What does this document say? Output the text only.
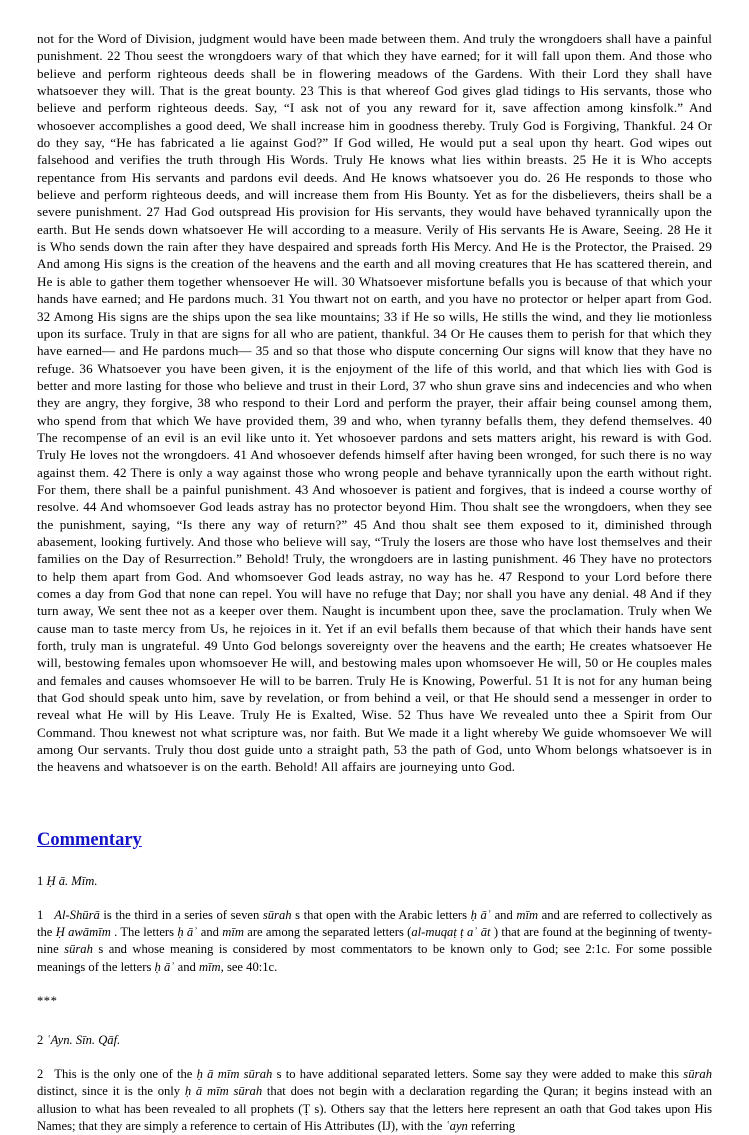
not for the Word of Division, judgment would have been made between them. And truly the wrongdoers shall have a painful punishment. 22 Thou seest the wrongdoers wary of that which they have earned; for it will fall upon them. And those who believe and perform righteous deeds shall be in flowering meadows of the Gardens. With their Lord they shall have whatsoever they will. That is the great bounty. 23 This is that whereof God gives glad tidings to His servants, those who believe and perform righteous deeds. Say, “I ask not of you any reward for it, save affection among kinsfolk.” And whosoever accomplishes a good deed, We shall increase him in goodness thereby. Truly God is Forgiving, Thankful. 24 Or do they say, “He has fabricated a lie against God?” If God willed, He would put a seal upon thy heart. God wipes out falsehood and verifies the truth through His Words. Truly He knows what lies within breasts. 25 He it is Who accepts repentance from His servants and pardons evil deeds. And He knows whatsoever you do. 26 He responds to those who believe and perform righteous deeds, and will increase them from His Bounty. Yet as for the disbelievers, theirs shall be a severe punishment. 27 Had God outspread His provision for His servants, they would have behaved tyrannically upon the earth. But He sends down whatsoever He will according to a measure. Verily of His servants He is Aware, Seeing. 28 He it is Who sends down the rain after they have despaired and spreads forth His Mercy. And He is the Protector, the Praised. 29 And among His signs is the creation of the heavens and the earth and all moving creatures that He has scattered therein, and He is able to gather them together whensoever He will. 30 Whatsoever misfortune befalls you is because of that which your hands have earned; and He pardons much. 31 You thwart not on earth, and you have no protector or helper apart from God. 32 Among His signs are the ships upon the sea like mountains; 33 if He so wills, He stills the wind, and they lie motionless upon its surface. Truly in that are signs for all who are patient, thankful. 34 Or He causes them to perish for that which they have earned— and He pardons much— 35 and so that those who dispute concerning Our signs will know that they have no refuge. 36 Whatsoever you have been given, it is the enjoyment of the life of this world, and that which lies with God is better and more lasting for those who believe and trust in their Lord, 37 who shun grave sins and indecencies and who when they are angry, they forgive, 38 who respond to their Lord and perform the prayer, their affair being counsel among them, who spend from that which We have provided them, 39 and who, when tyranny befalls them, they defend themselves. 40 The recompense of an evil is an evil like unto it. Yet whosoever pardons and sets matters aright, his reward is with God. Truly He loves not the wrongdoers. 41 And whosoever defends himself after having been wronged, for such there is no way against them. 42 There is only a way against those who wrong people and behave tyrannically upon the earth without right. For them, there shall be a painful punishment. 43 And whosoever is patient and forgives, that is indeed a course worthy of resolve. 44 And whomsoever God leads astray has no protector beyond Him. Thou shalt see the wrongdoers, when they see the punishment, saying, “Is there any way of return?” 45 And thou shalt see them exposed to it, diminished through abasement, looking furtively. And those who believe will say, “Truly the losers are those who have lost themselves and their families on the Day of Resurrection.” Behold! Truly, the wrongdoers are in lasting punishment. 46 They have no protectors to help them apart from God. And whomsoever God leads astray, no way has he. 47 Respond to your Lord before there comes a day from God that none can repel. You will have no refuge that Day; nor shall you have any denial. 48 And if they turn away, We sent thee not as a keeper over them. Naught is incumbent upon thee, save the proclamation. Truly when We cause man to taste mercy from Us, he rejoices in it. Yet if an evil befalls them because of that which their hands have sent forth, truly man is ungrateful. 49 Unto God belongs sovereignty over the heavens and the earth; He creates whatsoever He will, bestowing females upon whomsoever He will, and bestowing males upon whomsoever He will, 50 or He couples males and females and causes whomsoever He will to be barren. Truly He is Knowing, Powerful. 51 It is not for any human being that God should speak unto him, save by revelation, or from behind a veil, or that He should send a messenger in order to reveal what He will by His Leave. Truly He is Exalted, Wise. 52 Thus have We revealed unto thee a Spirit from Our Command. Thou knewest not what scripture was, nor faith. But We made it a light whereby We guide whomsoever We will among Our servants. Truly thou dost guide unto a straight path, 53 the path of God, unto Whom belongs whatsoever is in the heavens and whatsoever is on the earth. Behold! All affairs are journeying unto God.

Commentary

1 Ḥ ā. Mīm.

1 Al-Shūrā is the third in a series of seven sūrah s that open with the Arabic letters ḥ āʾ and mīm and are referred to collectively as the Ḥ awāmīm . The letters ḥ āʾ and mīm are among the separated letters (al-muqaṭ ṭ aʾ āt ) that are found at the beginning of twenty-nine sūrah s and whose meaning is considered by most commentators to be known only to God; see 2:1c. For some possible meanings of the letters ḥ āʾ and mīm, see 40:1c.

***

2 ʿAyn. Sīn. Qāf.

2 This is the only one of the ḥ ā mīm sūrah s to have additional separated letters. Some say they were added to make this sūrah distinct, since it is the only ḥ ā mīm sūrah that does not begin with a declaration regarding the Quran; it begins instead with an allusion to what has been revealed to all prophets (Ṭ s). Others say that the letters here represent an oath that God takes upon His Names; that they are simply a reference to certain of His Attributes (IJ), with the ʿayn referring
